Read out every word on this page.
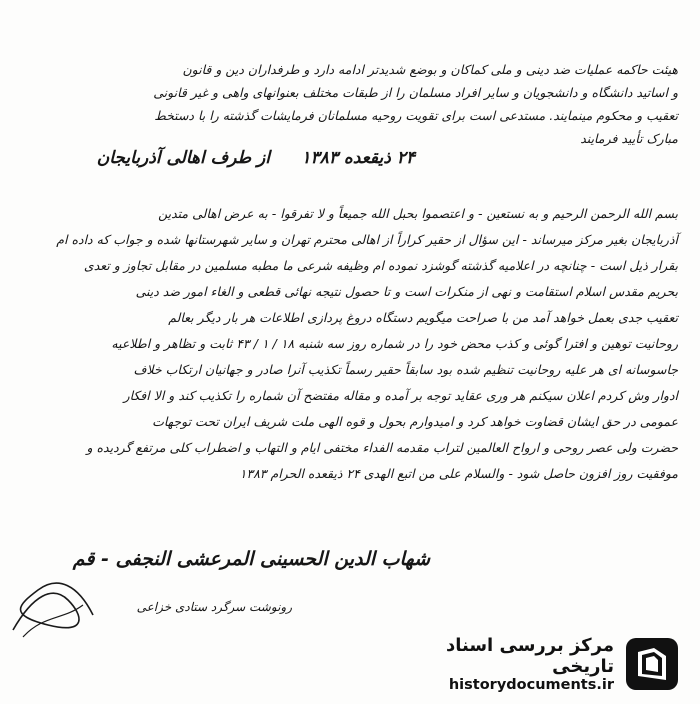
هیئت حاکمه عملیات ضد دینی و ملی کماکان و بوضع شدیدتر ادامه دارد و طرفداران دین و قانون
و اساتید دانشگاه و دانشجویان و سایر افراد مسلمان را از طبقات مختلف بعنوانهای واهی و غیر قانونی
تعقیب و محکوم مینمایند. مستدعی است برای تقویت روحیه مسلمانان فرمایشات گذشته را با دستخط
مبارک تأیید فرمایند
از طرف اهالی آذربایجان	۲۴ ذیقعده ۱۳۸۳
بسم الله الرحمن الرحیم و به نستعین - و اعتصموا بحبل الله جمیعاً و لا تفرقوا - به عرض اهالی متدین
آذربایجان بغیر مرکز میرساند - این سؤال از حقیر کراراً از اهالی محترم تهران و سایر شهرستانها شده و جواب که داده ام
بقرار ذیل است - چنانچه در اعلامیه گذشته گوشزد نموده ام وظیفه شرعی ما مطبه مسلمین در مقابل تجاوز و تعدی
بحریم مقدس اسلام استقامت و نهی از منکرات است و تا حصول نتیجه نهائی قطعی و الغاء امور ضد دینی
تعقیب جدی بعمل خواهد آمد من با صراحت میگویم دستگاه دروغ پردازی اطلاعات هر بار دیگر بعالم
روحانیت توهین و افترا گوئی و کذب محض خود را در شماره روز سه شنبه ۱۸ / ۱ / ۴۳ ثابت و تظاهر و اطلاعیه
جاسوسانه ای هر علیه روحانیت تنظیم شده بود سابقاً حقیر رسماً تکذیب آنرا صادر و جهانیان ارتکاب خلاف
ادوار وش کردم اعلان سیکنم هر وری عقاید توجه بر آمده و مقاله مفتضح آن شماره را تکذیب کند و الا افکار
عمومی در حق ایشان قضاوت خواهد کرد و امیدوارم بحول و قوه الهی ملت شریف ایران تحت توجهات
حضرت ولی عصر روحی و ارواح العالمین لتراب مقدمه الفداء مختفی ایام و التهاب و اضطراب کلی مرتفع گردیده و
موفقیت روز افزون حاصل شود - والسلام علی من اتبع الهدی ۲۴ ذیقعده الحرام ۱۳۸۳
شهاب الدین الحسینی المرعشی النجفی - قم
رونوشت سرگرد ستادی خزاعی
مرکز بررسی اسناد تاریخی
historydocuments.ir
